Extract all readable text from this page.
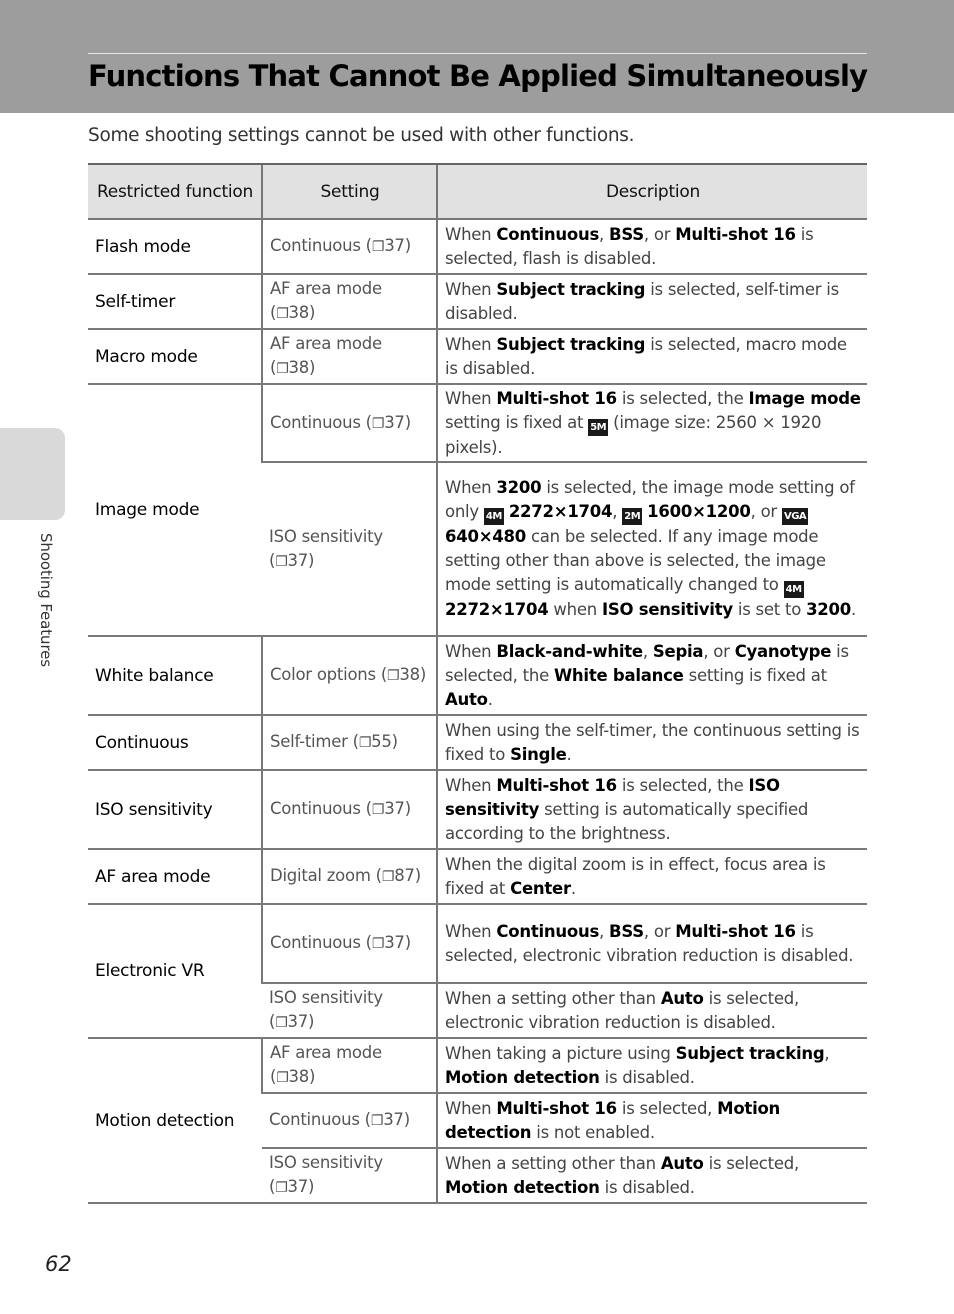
Functions That Cannot Be Applied Simultaneously

Some shooting settings cannot be used with other functions.

Shooting Features
Restricted function	Setting	Description
Flash mode	Continuous (❐37)	When Continuous, BSS, or Multi-shot 16 is selected, flash is disabled.
Self-timer	AF area mode (❐38)	When Subject tracking is selected, self-timer is disabled.
Macro mode	AF area mode (❐38)	When Subject tracking is selected, macro mode is disabled.
Image mode	Continuous (❐37)	When Multi-shot 16 is selected, the Image mode setting is fixed at 5M (image size: 2560 × 1920 pixels).
	ISO sensitivity (❐37)	When 3200 is selected, the image mode setting of only 4M 2272×1704, 2M 1600×1200, or VGA 640×480 can be selected. If any image mode setting other than above is selected, the image mode setting is automatically changed to 4M 2272×1704 when ISO sensitivity is set to 3200.
White balance	Color options (❐38)	When Black-and-white, Sepia, or Cyanotype is selected, the White balance setting is fixed at Auto.
Continuous	Self-timer (❐55)	When using the self-timer, the continuous setting is fixed to Single.
ISO sensitivity	Continuous (❐37)	When Multi-shot 16 is selected, the ISO sensitivity setting is automatically specified according to the brightness.
AF area mode	Digital zoom (❐87)	When the digital zoom is in effect, focus area is fixed at Center.
Electronic VR	Continuous (❐37)	When Continuous, BSS, or Multi-shot 16 is selected, electronic vibration reduction is disabled.
	ISO sensitivity (❐37)	When a setting other than Auto is selected, electronic vibration reduction is disabled.
Motion detection	AF area mode (❐38)	When taking a picture using Subject tracking, Motion detection is disabled.
	Continuous (❐37)	When Multi-shot 16 is selected, Motion detection is not enabled.
	ISO sensitivity (❐37)	When a setting other than Auto is selected, Motion detection is disabled.
62
